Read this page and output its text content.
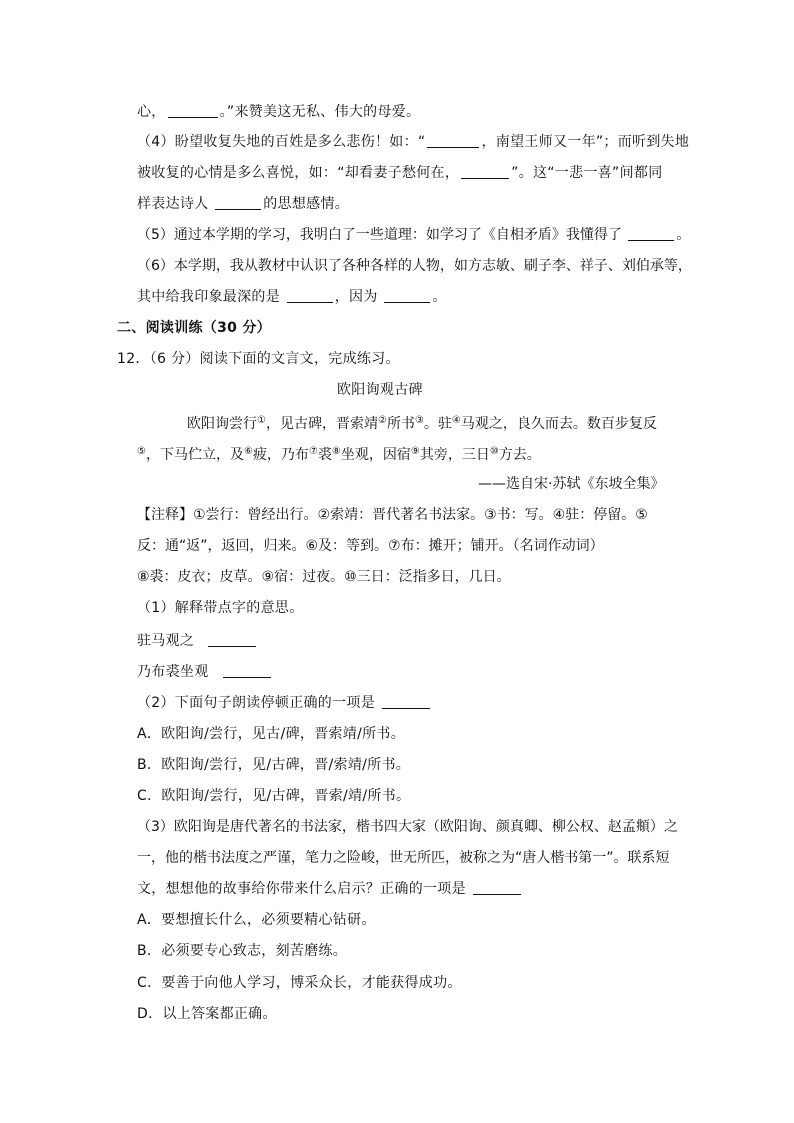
心，	。”来赞美这无私、伟大的母爱。
（4）盼望收复失地的百姓是多么悲伤！如：“	，南望王师又一年”；而听到失地
被收复的心情是多么喜悦，如：“却看妻子愁何在，	”。这“一悲一喜”间都同
样表达诗人	的思想感情。
（5）通过本学期的学习，我明白了一些道理：如学习了《自相矛盾》我懂得了	。
（6）本学期，我从教材中认识了各种各样的人物，如方志敏、刷子李、祥子、刘伯承等，
其中给我印象最深的是	，因为	。
二、阅读训练（30 分）
12．（6 分）阅读下面的文言文，完成练习。
欧阳询观古碑
欧阳询尝行①，见古碑，晋索靖②所书③。驻④马观之，良久而去。数百步复反
⑤，下马伫立，及⑥疲，乃布⑦裘⑧坐观，因宿⑨其旁，三日⑩方去。
——选自宋·苏轼《东坡全集》
【注释】①尝行：曾经出行。②索靖：晋代著名书法家。③书：写。④驻：停留。⑤
反：通“返”，返回，归来。⑥及：等到。⑦布：摊开；铺开。（名词作动词）
⑧裘：皮衣；皮草。⑨宿：过夜。⑩三日：泛指多日，几日。
（1）解释带点字的意思。
驻马观之
乃布裘坐观
（2）下面句子朗读停顿正确的一项是
A．欧阳询/尝行，见古/碑，晋索靖/所书。
B．欧阳询/尝行，见/古碑，晋/索靖/所书。
C．欧阳询/尝行，见/古碑，晋索/靖/所书。
（3）欧阳询是唐代著名的书法家，楷书四大家（欧阳询、颜真卿、柳公权、赵孟頫）之
一，他的楷书法度之严谨，笔力之险峻，世无所匹，被称之为“唐人楷书第一”。联系短
文，想想他的故事给你带来什么启示？正确的一项是
A．要想擅长什么，必须要精心钻研。
B．必须要专心致志，刻苦磨练。
C．要善于向他人学习，博采众长，才能获得成功。
D．以上答案都正确。
